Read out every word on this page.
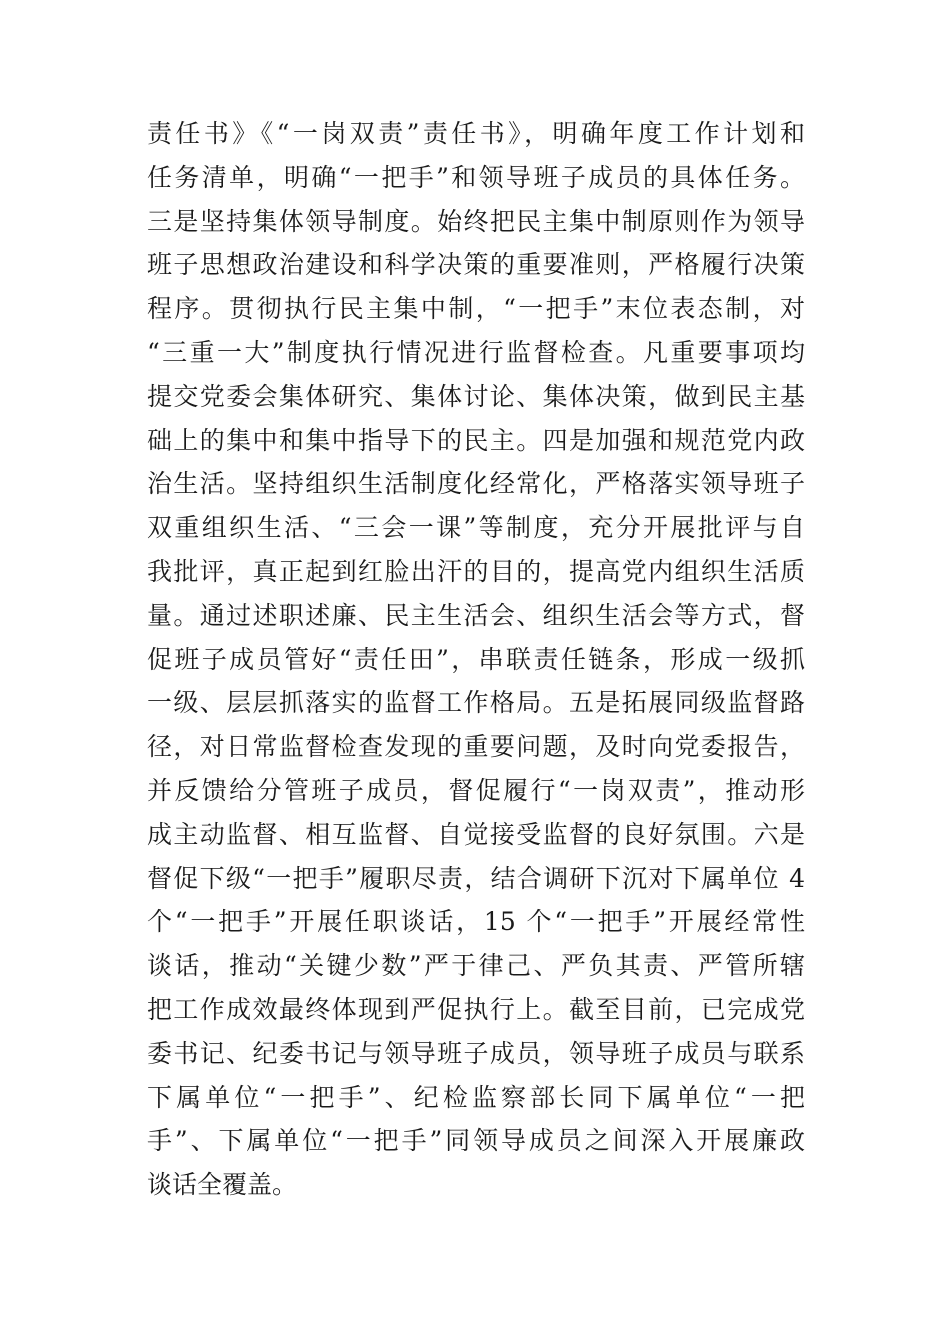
责任书》《“一岗双责”责任书》，明确年度工作计划和
任务清单，明确“一把手”和领导班子成员的具体任务。
三是坚持集体领导制度。始终把民主集中制原则作为领导
班子思想政治建设和科学决策的重要准则，严格履行决策
程序。贯彻执行民主集中制，“一把手”末位表态制，对
“三重一大”制度执行情况进行监督检查。凡重要事项均
提交党委会集体研究、集体讨论、集体决策，做到民主基
础上的集中和集中指导下的民主。四是加强和规范党内政
治生活。坚持组织生活制度化经常化，严格落实领导班子
双重组织生活、“三会一课”等制度，充分开展批评与自
我批评，真正起到红脸出汗的目的，提高党内组织生活质
量。通过述职述廉、民主生活会、组织生活会等方式，督
促班子成员管好“责任田”，串联责任链条，形成一级抓
一级、层层抓落实的监督工作格局。五是拓展同级监督路
径，对日常监督检查发现的重要问题，及时向党委报告，
并反馈给分管班子成员，督促履行“一岗双责”，推动形
成主动监督、相互监督、自觉接受监督的良好氛围。六是
督促下级“一把手”履职尽责，结合调研下沉对下属单位 4
个“一把手”开展任职谈话，15 个“一把手”开展经常性
谈话，推动“关键少数”严于律己、严负其责、严管所辖
把工作成效最终体现到严促执行上。截至目前，已完成党
委书记、纪委书记与领导班子成员，领导班子成员与联系
下属单位“一把手”、纪检监察部长同下属单位“一把
手”、下属单位“一把手”同领导成员之间深入开展廉政
谈话全覆盖。
